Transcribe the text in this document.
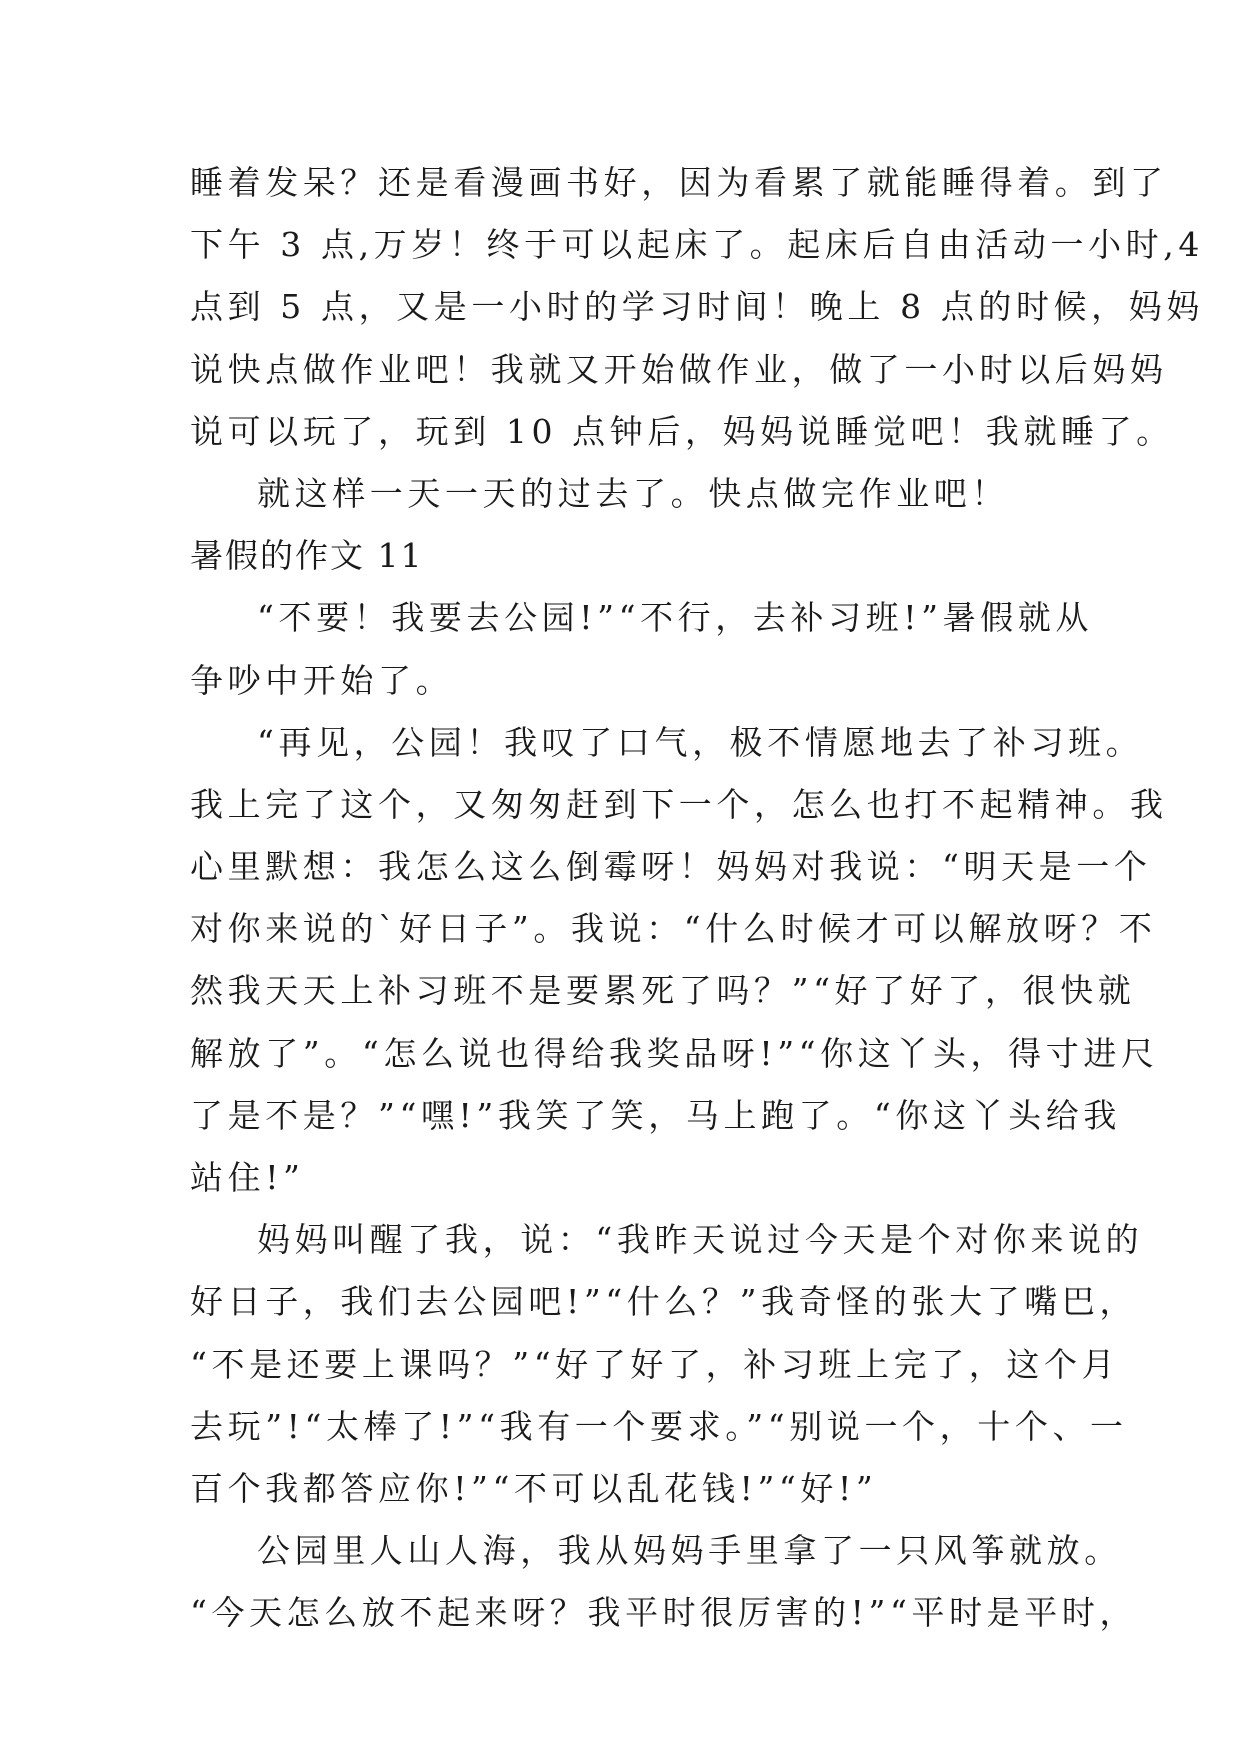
睡着发呆？还是看漫画书好，因为看累了就能睡得着。到了
下午 3 点,万岁！终于可以起床了。起床后自由活动一小时,4
点到 5 点，又是一小时的学习时间！晚上 8 点的时候，妈妈
说快点做作业吧！我就又开始做作业，做了一小时以后妈妈
说可以玩了，玩到 10 点钟后，妈妈说睡觉吧！我就睡了。
就这样一天一天的过去了。快点做完作业吧！
暑假的作文 11
“不要！我要去公园!”“不行，去补习班!”暑假就从
争吵中开始了。
“再见，公园！我叹了口气，极不情愿地去了补习班。
我上完了这个，又匆匆赶到下一个，怎么也打不起精神。我
心里默想：我怎么这么倒霉呀！妈妈对我说：“明天是一个
对你来说的`好日子”。我说：“什么时候才可以解放呀？不
然我天天上补习班不是要累死了吗？”“好了好了，很快就
解放了”。“怎么说也得给我奖品呀!”“你这丫头，得寸进尺
了是不是？”“嘿!”我笑了笑，马上跑了。“你这丫头给我
站住!”
妈妈叫醒了我，说：“我昨天说过今天是个对你来说的
好日子，我们去公园吧!”“什么？”我奇怪的张大了嘴巴，
“不是还要上课吗？”“好了好了，补习班上完了，这个月
去玩”!“太棒了!”“我有一个要求。”“别说一个，十个、一
百个我都答应你!”“不可以乱花钱!”“好!”
公园里人山人海，我从妈妈手里拿了一只风筝就放。
“今天怎么放不起来呀？我平时很厉害的!”“平时是平时，
